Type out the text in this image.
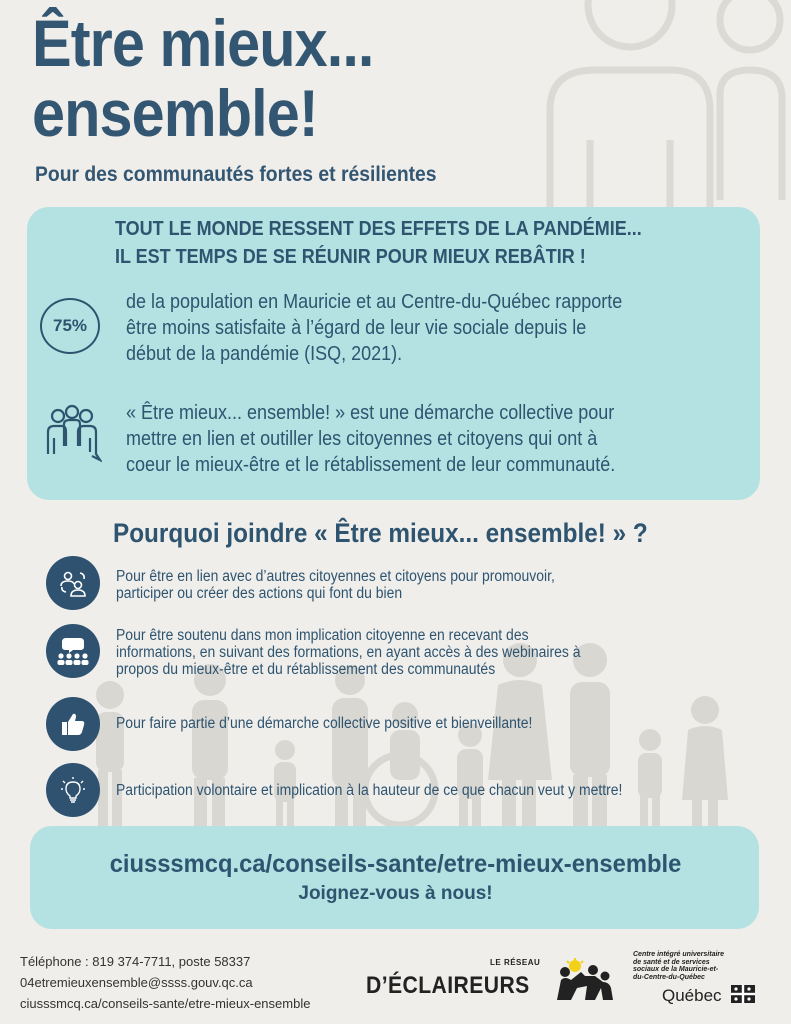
Être mieux...
ensemble!
Pour des communautés fortes et résilientes
TOUT LE MONDE RESSENT DES EFFETS DE LA PANDÉMIE...
IL EST TEMPS DE SE RÉUNIR POUR MIEUX REBÂTIR !
75%
de la population en Mauricie et au Centre-du-Québec rapporte
être moins satisfaite à l’égard de leur vie sociale depuis le
début de la pandémie (ISQ, 2021).
« Être mieux... ensemble! » est une démarche collective pour
mettre en lien et outiller les citoyennes et citoyens qui ont à
coeur le mieux-être et le rétablissement de leur communauté.
Pourquoi joindre « Être mieux... ensemble! » ?
Pour être en lien avec d’autres citoyennes et citoyens pour promouvoir,
participer ou créer des actions qui font du bien
Pour être soutenu dans mon implication citoyenne en recevant des
informations, en suivant des formations, en ayant accès à des webinaires à
propos du mieux-être et du rétablissement des communautés
Pour faire partie d’une démarche collective positive et bienveillante!
Participation volontaire et implication à la hauteur de ce que chacun veut y mettre!
ciusssmcq.ca/conseils-sante/etre-mieux-ensemble
Joignez-vous à nous!
Téléphone : 819 374-7711, poste 58337
04etremieuxensemble@ssss.gouv.qc.ca
ciusssmcq.ca/conseils-sante/etre-mieux-ensemble
LE RÉSEAU
D’ÉCLAIREURS
Centre intégré universitaire de santé et de services sociaux de la Mauricie-et-du-Centre-du-Québec
Québec
